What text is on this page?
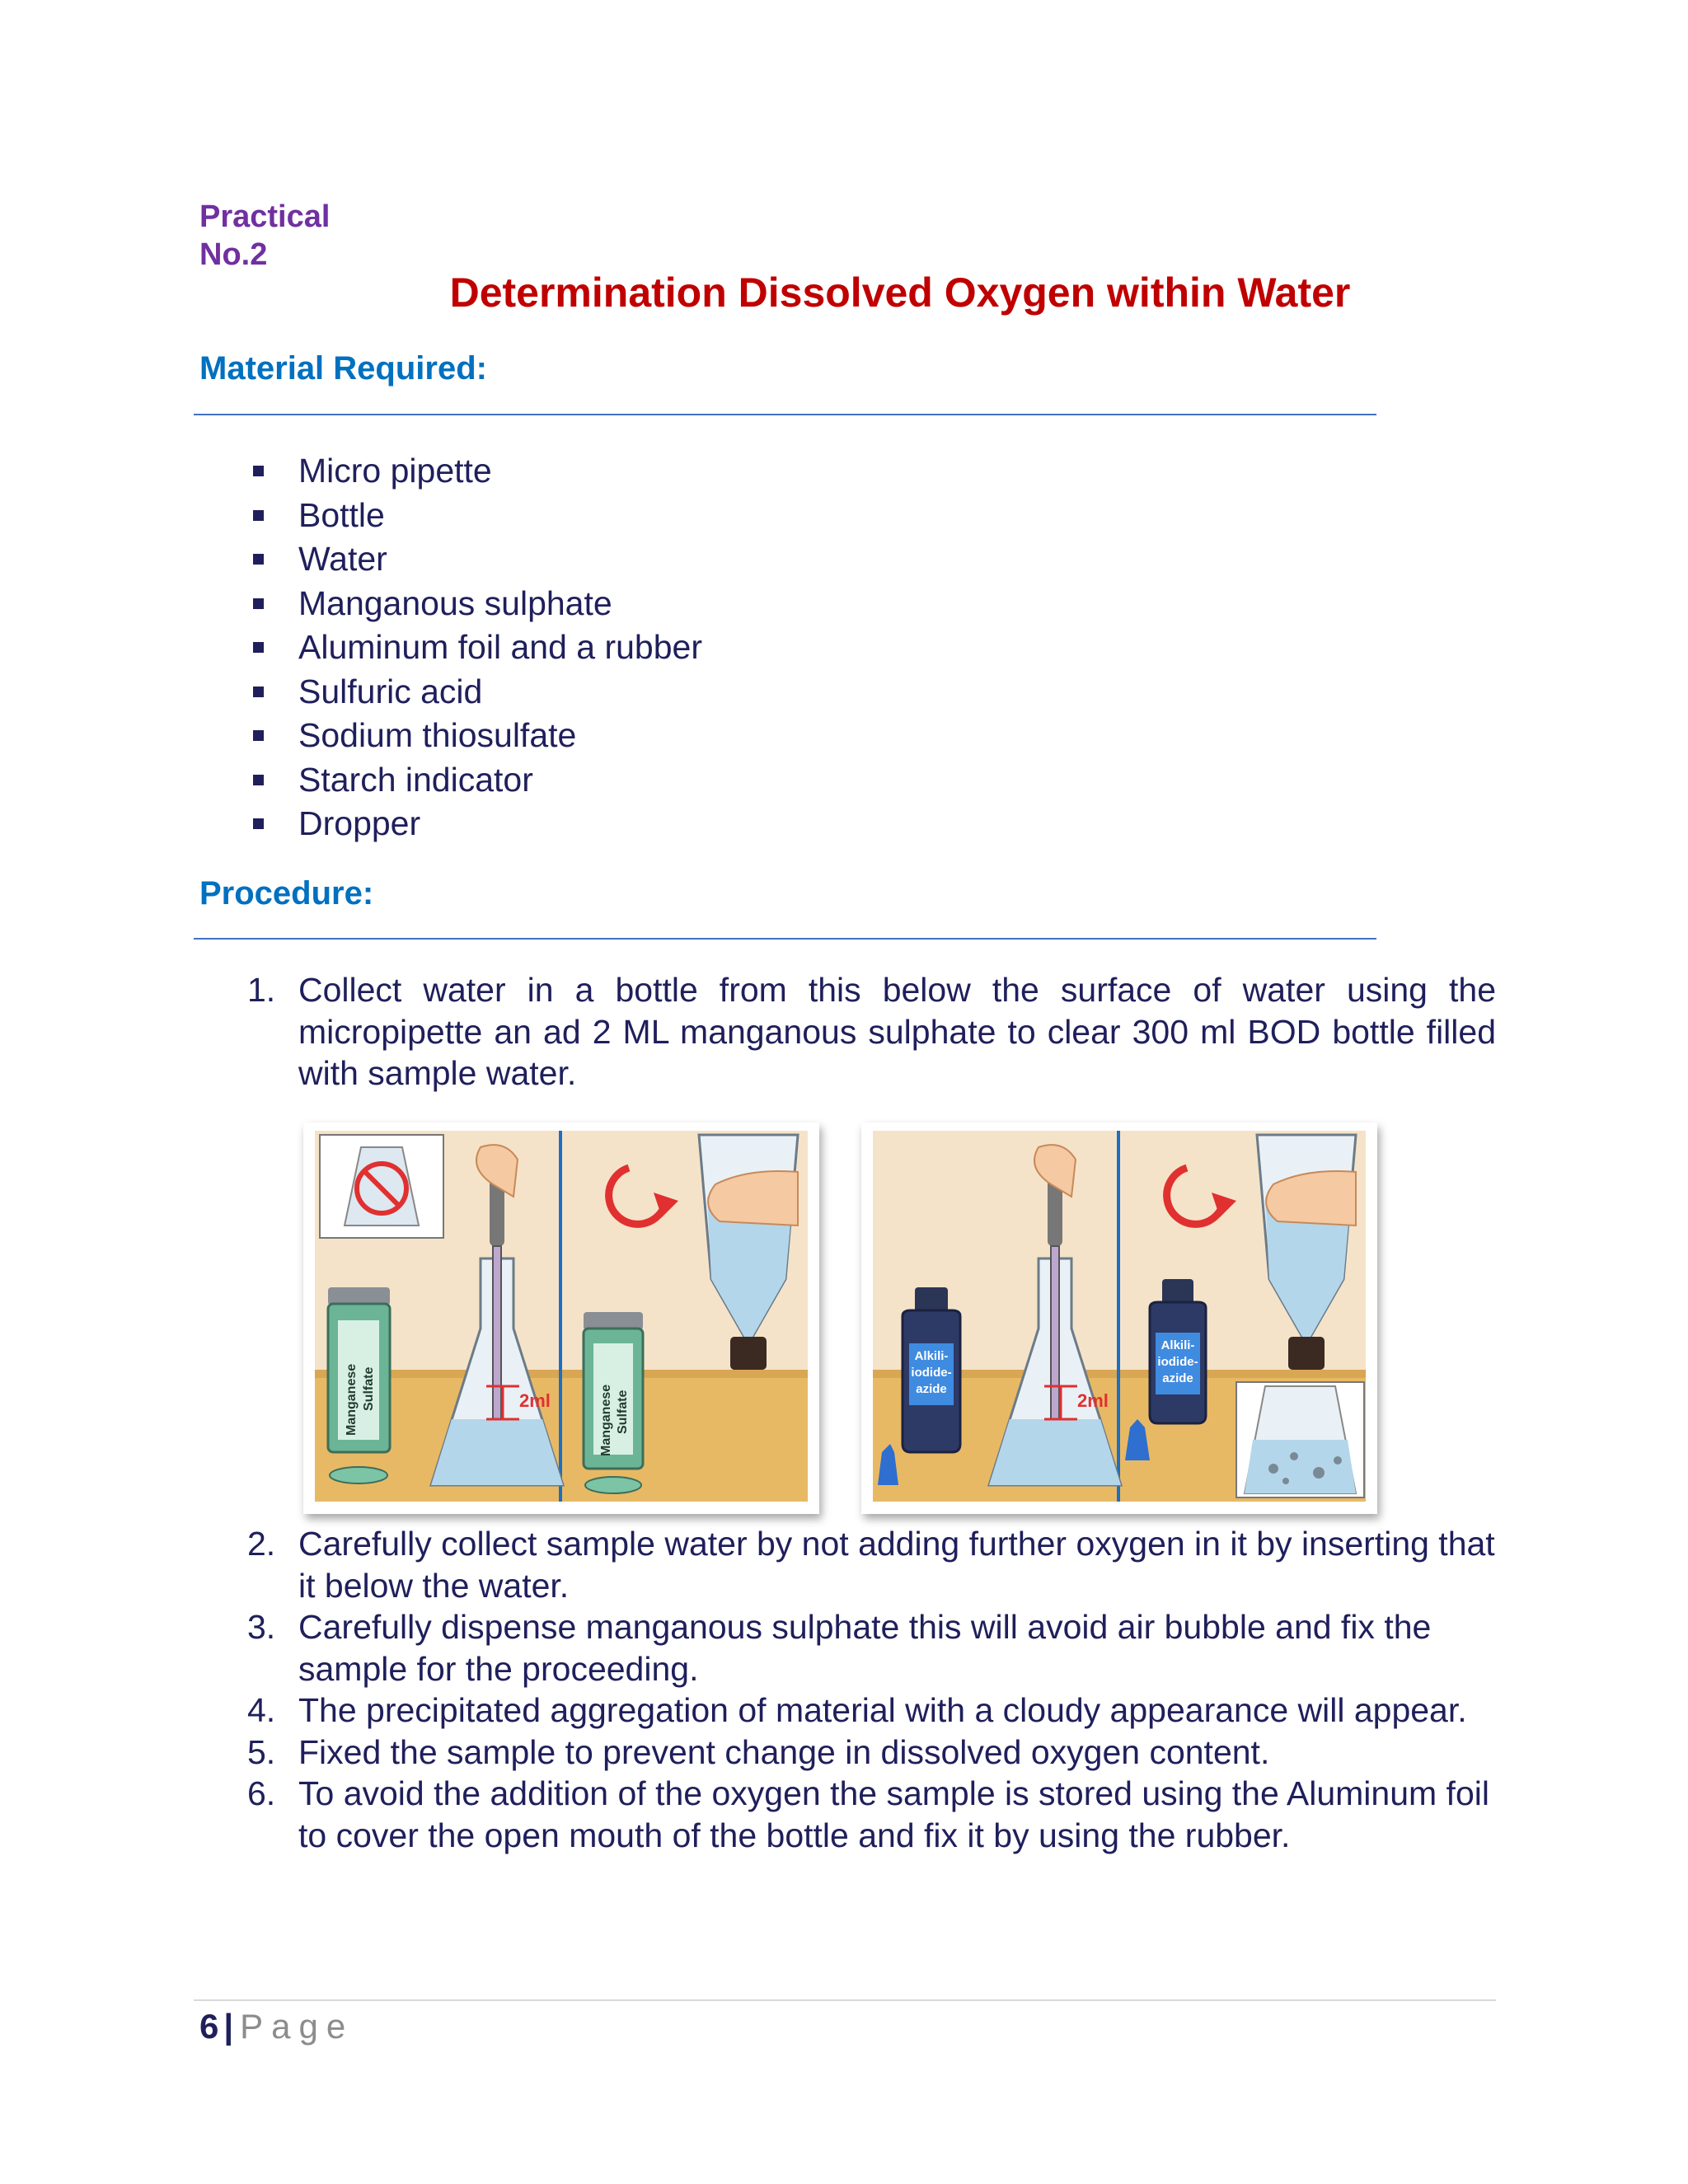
Practical
No.2
Determination Dissolved Oxygen within Water
Material Required:
Micro pipette
Bottle
Water
Manganous sulphate
Aluminum foil and a rubber
Sulfuric acid
Sodium thiosulfate
Starch indicator
Dropper
Procedure:
1. Collect water in a bottle from this below the surface of water using the micropipette an ad 2 ML manganous sulphate to clear 300 ml BOD bottle filled with sample water.
Manganese Sulfate	2ml	Manganese Sulfate
Alkili-
iodide-
azide
2ml
Alkili-
iodide-
azide
2. Carefully collect sample water by not adding further oxygen in it by inserting that it below the water.
3. Carefully dispense manganous sulphate this will avoid air bubble and fix the sample for the proceeding.
4. The precipitated aggregation of material with a cloudy appearance will appear.
5. Fixed the sample to prevent change in dissolved oxygen content.
6. To avoid the addition of the oxygen the sample is stored using the Aluminum foil to cover the open mouth of the bottle and fix it by using the rubber.
6 | Page
